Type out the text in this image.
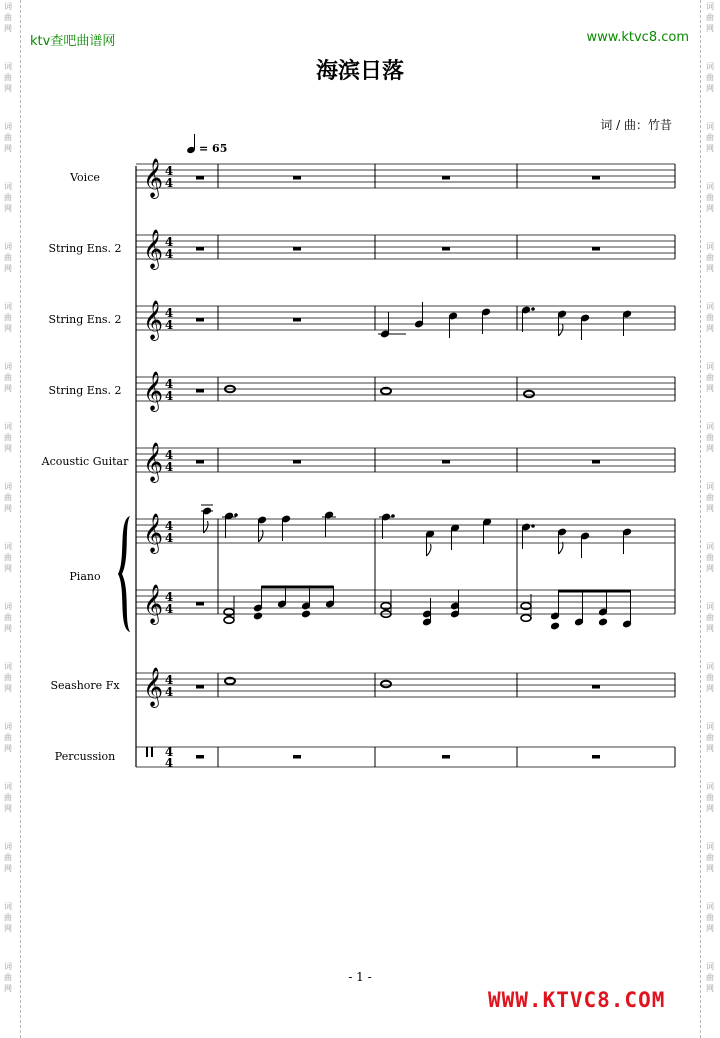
词
曲
网
词
曲
网
词
曲
网
词
曲
网
词
曲
网
词
曲
网
词
曲
网
词
曲
网
词
曲
网
词
曲
网
词
曲
网
词
曲
网
词
曲
网
词
曲
网
词
曲
网
词
曲
网
词
曲
网
词
曲
网
词
曲
网
词
曲
网
词
曲
网
词
曲
网
词
曲
网
词
曲
网
词
曲
网
词
曲
网
词
曲
网
词
曲
网
词
曲
网
词
曲
网
词
曲
网
词
曲
网
词
曲
网
词
曲
网
ktv查吧曲谱网	www.ktvc8.com
海滨日落
词 / 曲：竹昔
= 65
Voice
String Ens. 2
String Ens. 2
String Ens. 2
Acoustic Guitar
Piano
Seashore Fx
Percussion
𝄞 4
4
𝄞 4
4
𝄞 4
4
𝄞 4
4
𝄞 4
4
𝄞 4
4
𝄞 4
4
𝄞 4
4
4
4
- 1 -
WWW.KTVC8.COM
